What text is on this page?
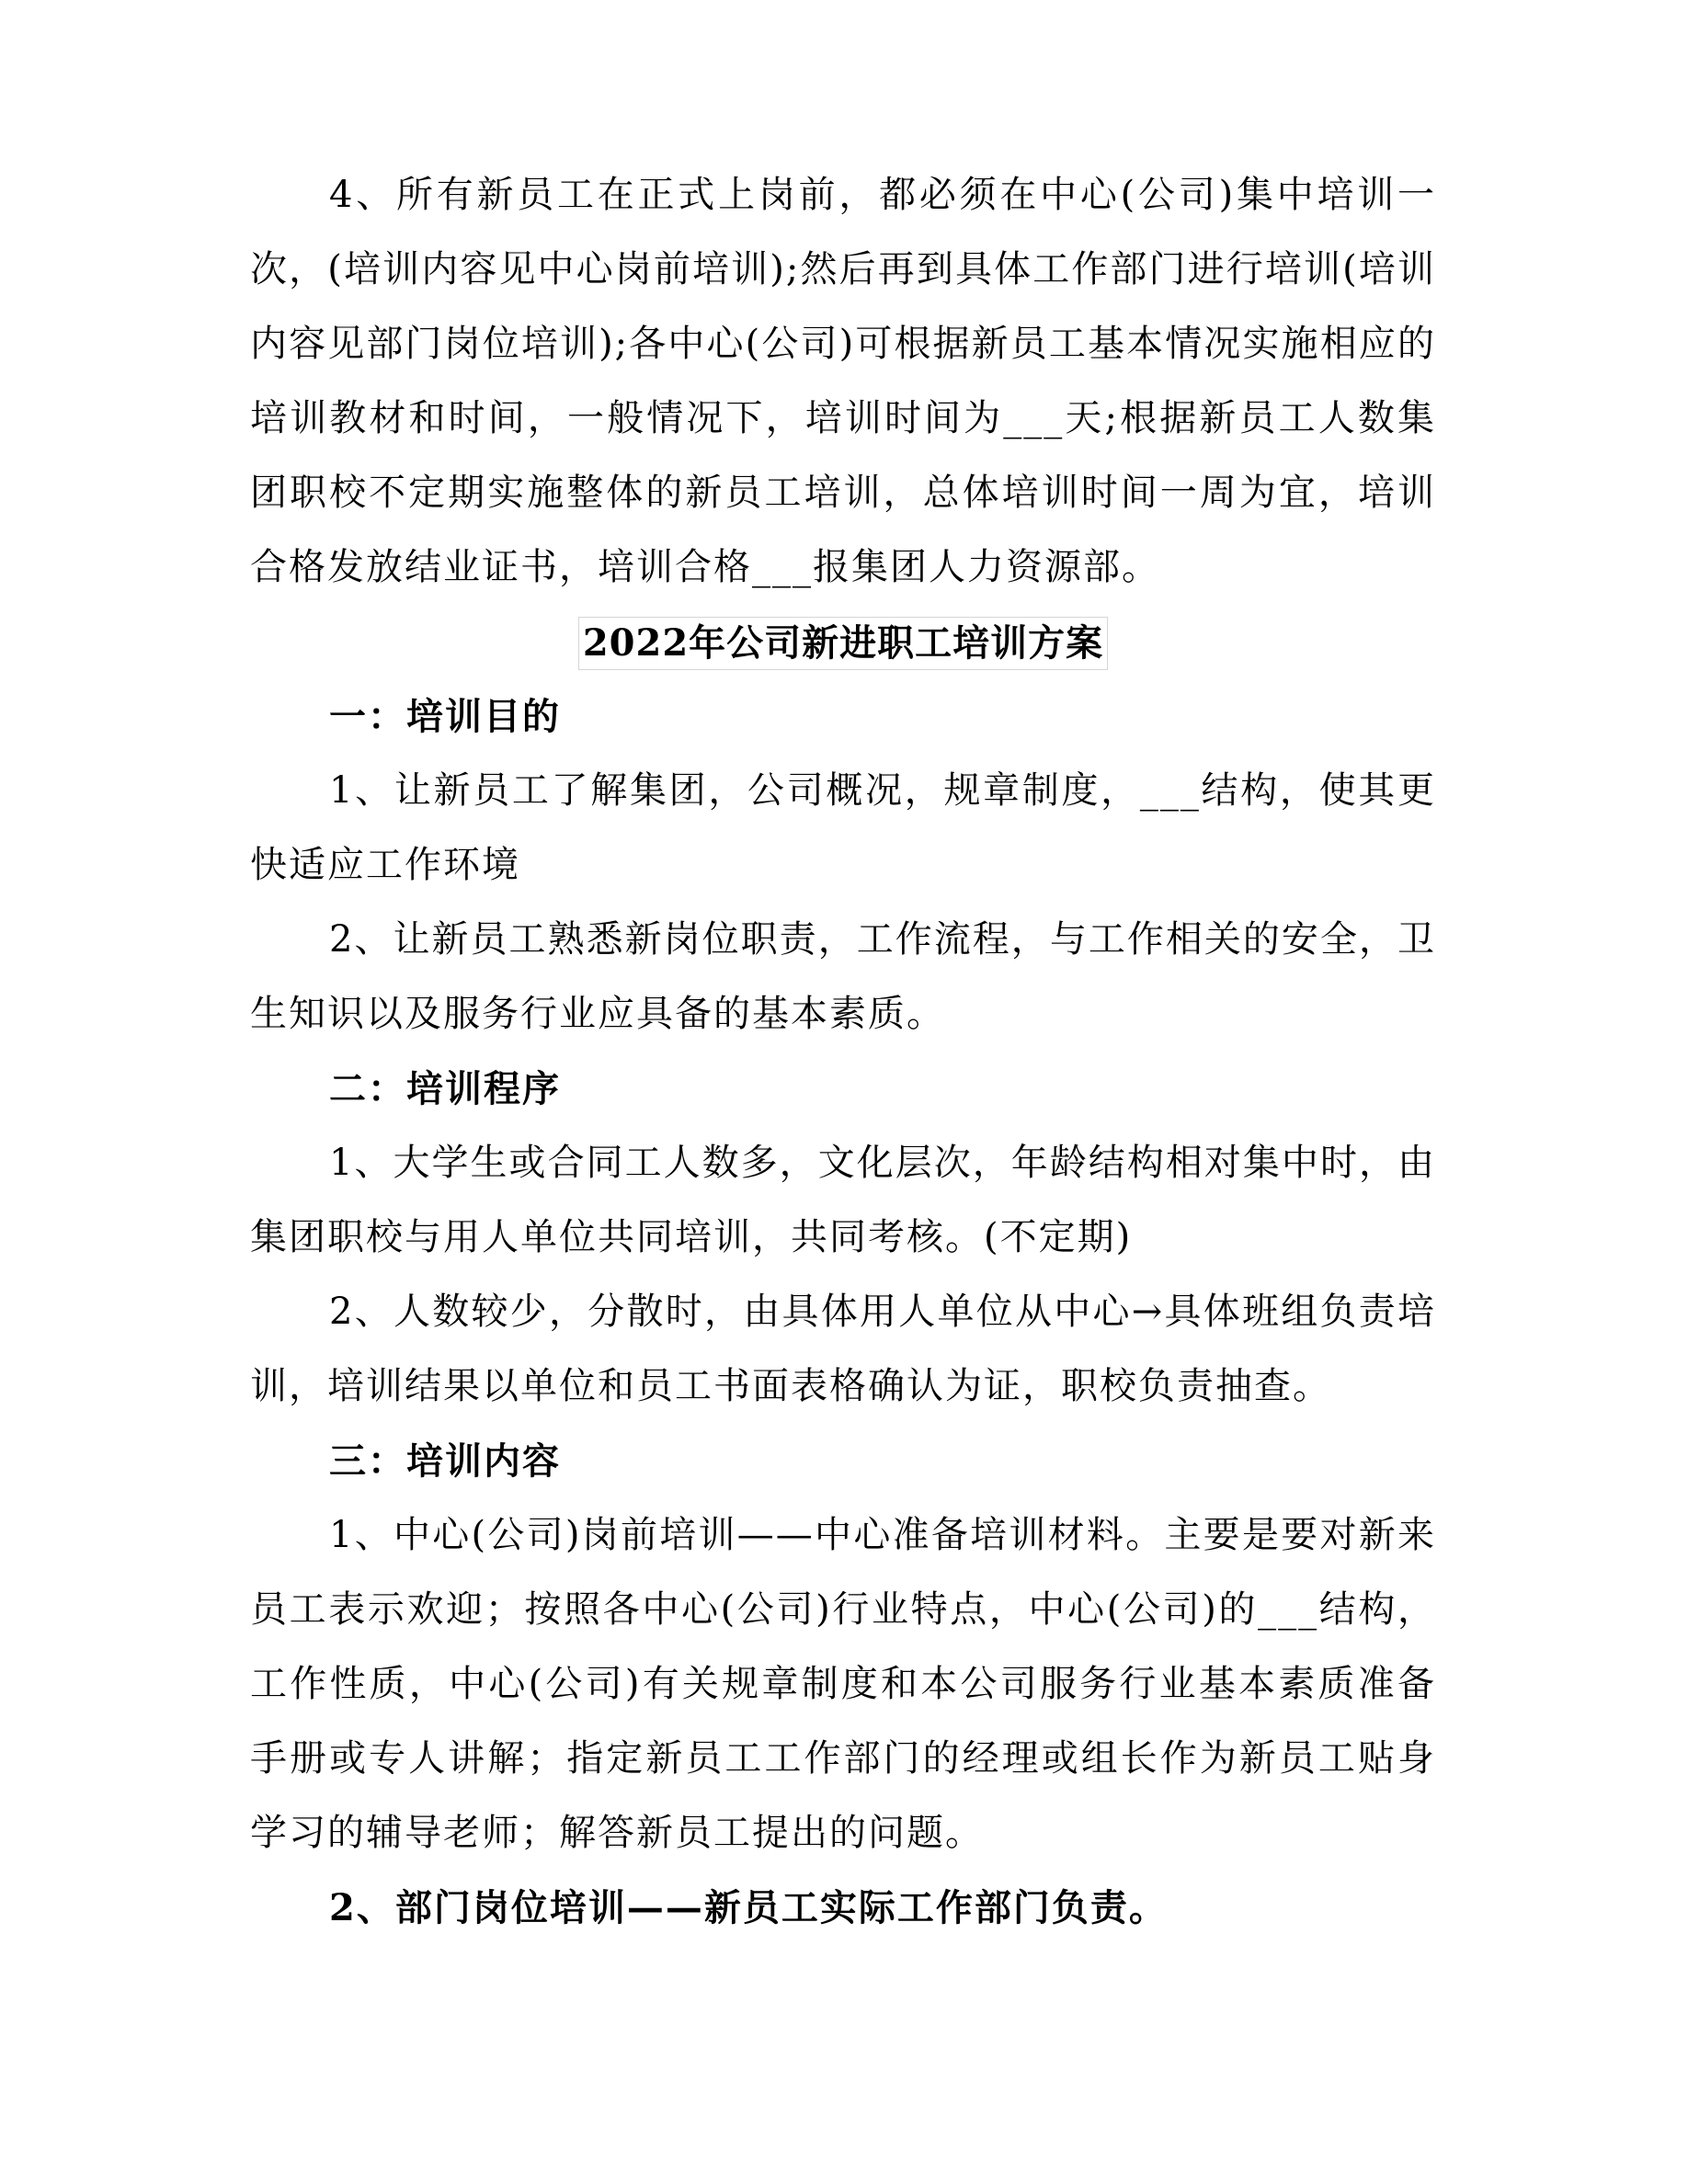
4、所有新员工在正式上岗前，都必须在中心(公司)集中培训一次，(培训内容见中心岗前培训);然后再到具体工作部门进行培训(培训内容见部门岗位培训);各中心(公司)可根据新员工基本情况实施相应的培训教材和时间，一般情况下，培训时间为___天;根据新员工人数集团职校不定期实施整体的新员工培训，总体培训时间一周为宜，培训合格发放结业证书，培训合格___报集团人力资源部。

2022年公司新进职工培训方案

一：培训目的

1、让新员工了解集团，公司概况，规章制度，___结构，使其更快适应工作环境

2、让新员工熟悉新岗位职责，工作流程，与工作相关的安全，卫生知识以及服务行业应具备的基本素质。

二：培训程序

1、大学生或合同工人数多，文化层次，年龄结构相对集中时，由集团职校与用人单位共同培训，共同考核。(不定期)

2、人数较少，分散时，由具体用人单位从中心→具体班组负责培训，培训结果以单位和员工书面表格确认为证，职校负责抽查。

三：培训内容

1、中心(公司)岗前培训——中心准备培训材料。主要是要对新来员工表示欢迎；按照各中心(公司)行业特点，中心(公司)的___结构，工作性质，中心(公司)有关规章制度和本公司服务行业基本素质准备手册或专人讲解；指定新员工工作部门的经理或组长作为新员工贴身学习的辅导老师；解答新员工提出的问题。

2、部门岗位培训——新员工实际工作部门负责。
